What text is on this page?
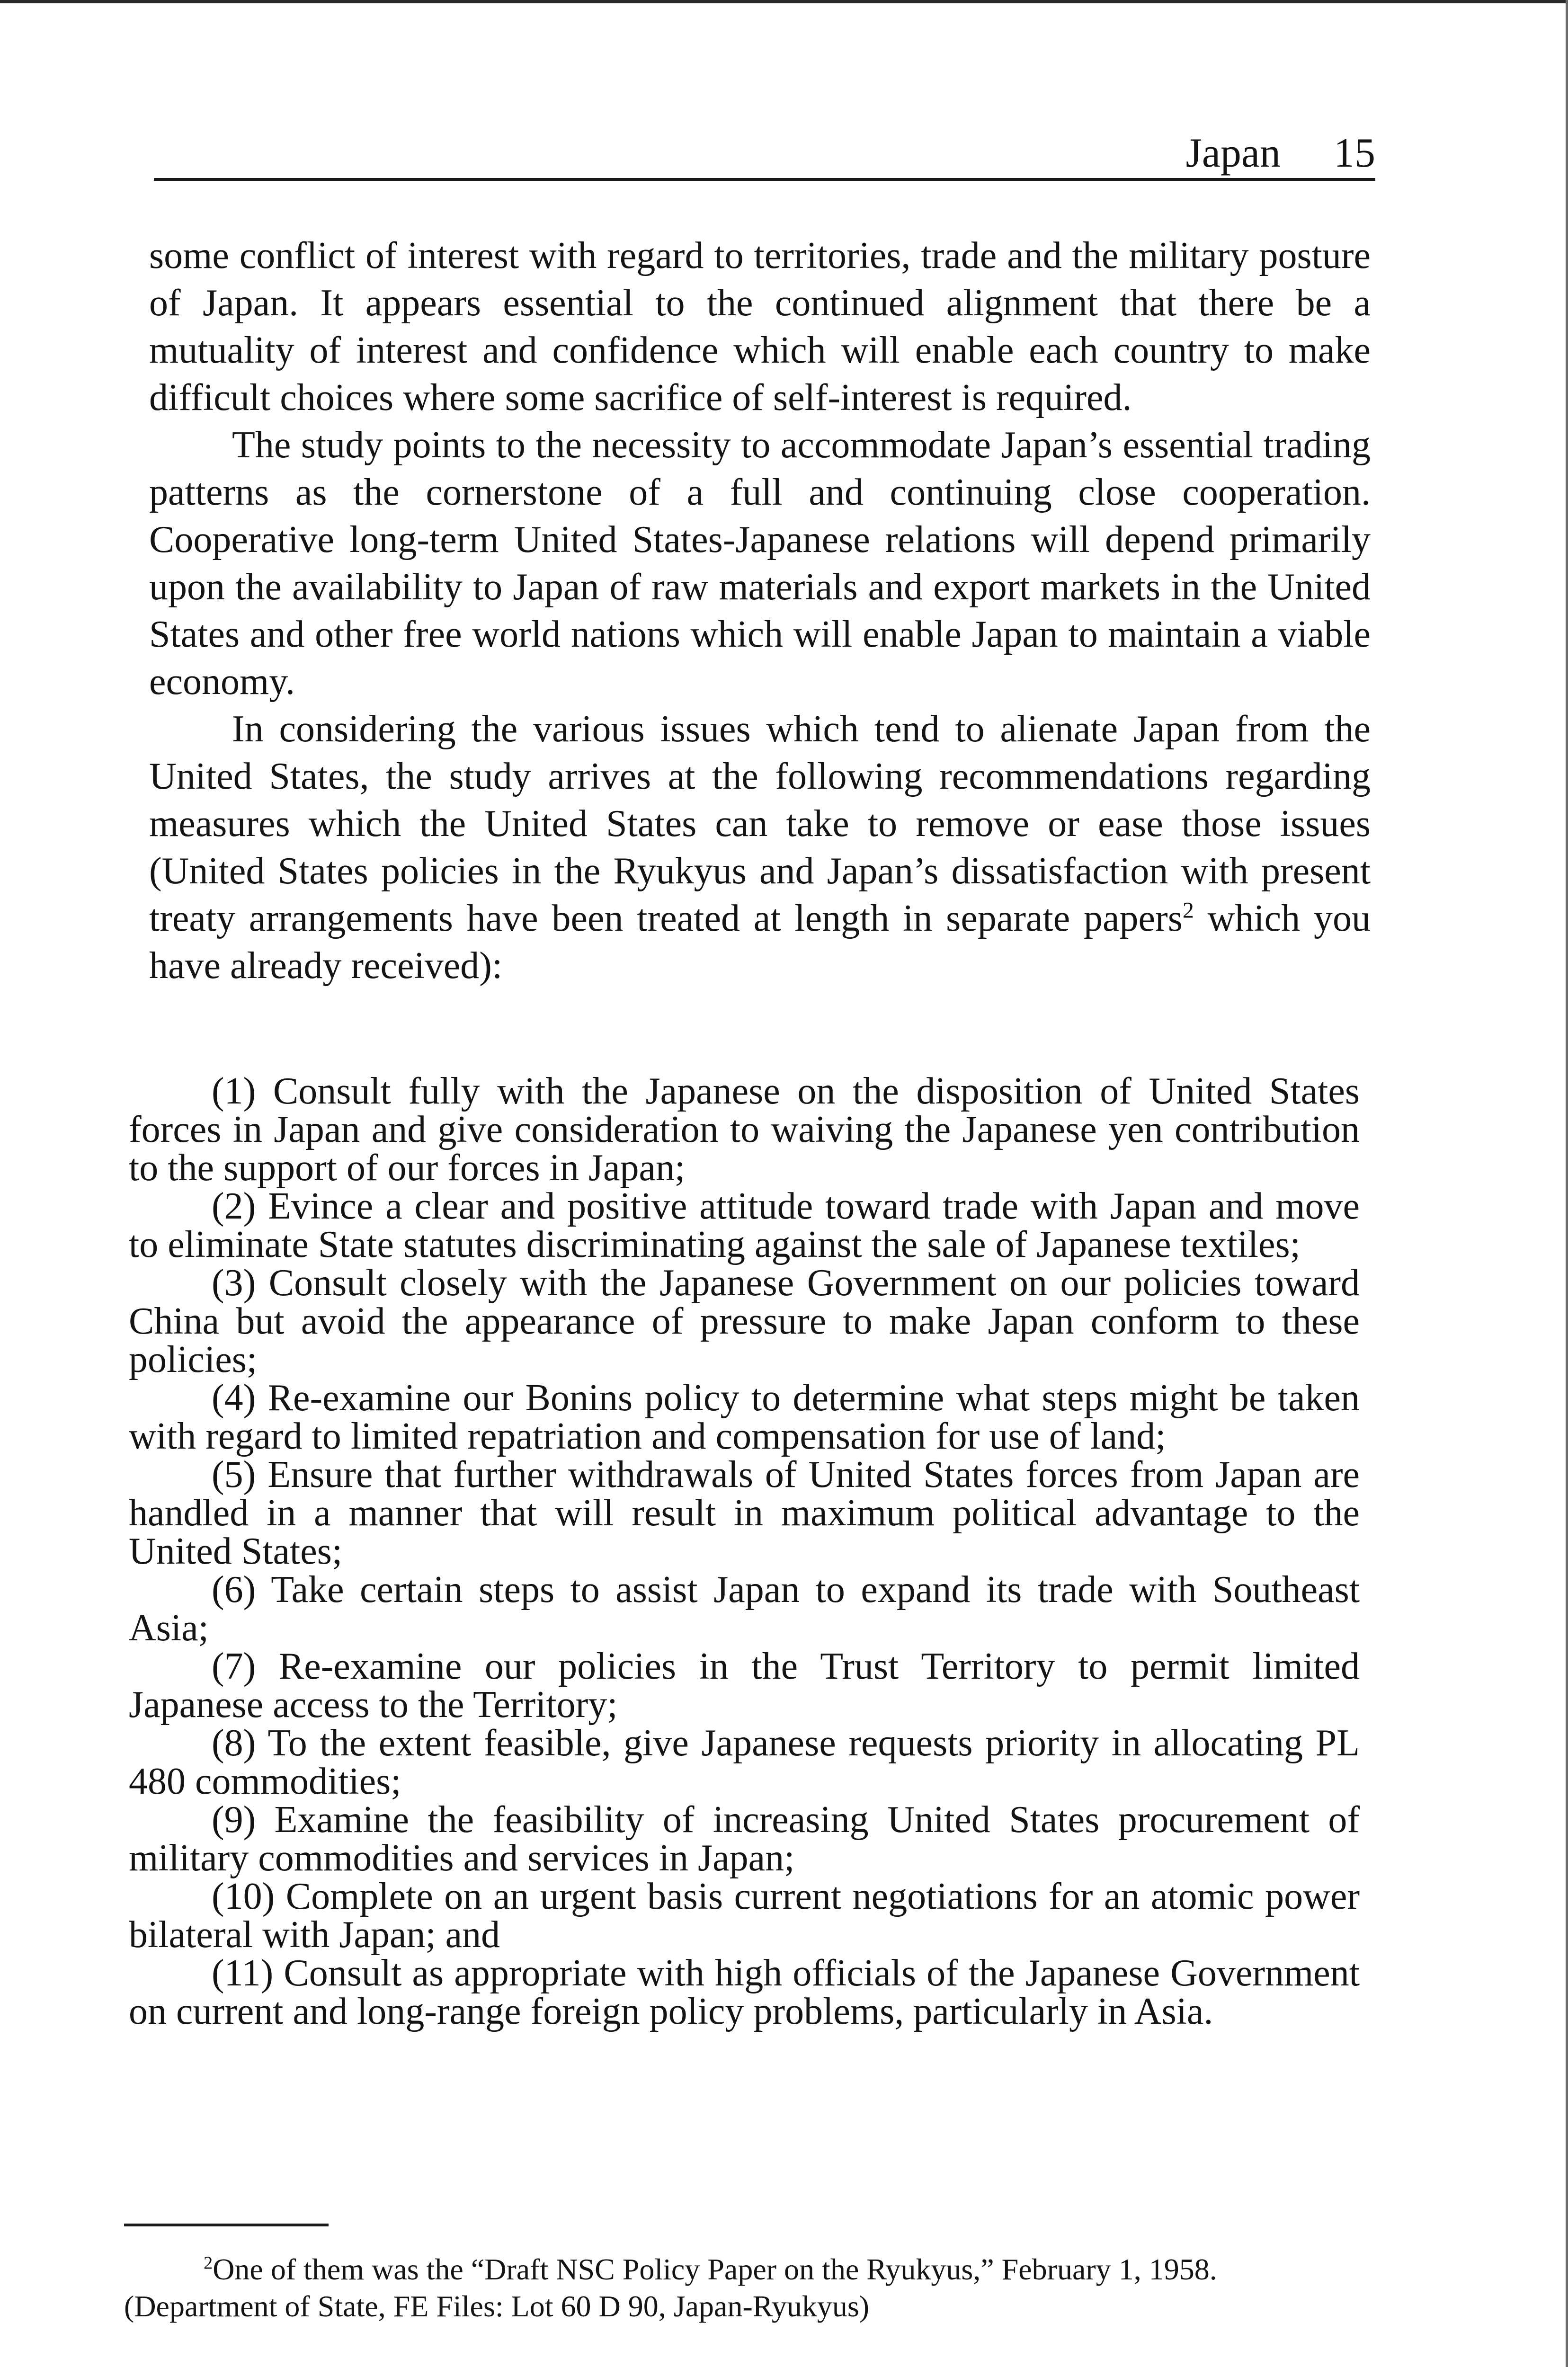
Japan 15

some conflict of interest with regard to territories, trade and the military posture of Japan. It appears essential to the continued alignment that there be a mutuality of interest and confidence which will enable each country to make difficult choices where some sacrifice of self-interest is required.

The study points to the necessity to accommodate Japan’s essential trading patterns as the cornerstone of a full and continuing close cooperation. Cooperative long-term United States-Japanese relations will depend primarily upon the availability to Japan of raw materials and export markets in the United States and other free world nations which will enable Japan to maintain a viable economy.

In considering the various issues which tend to alienate Japan from the United States, the study arrives at the following recommendations regarding measures which the United States can take to remove or ease those issues (United States policies in the Ryukyus and Japan’s dissatisfaction with present treaty arrangements have been treated at length in separate papers$^2$ which you have already received):

(1) Consult fully with the Japanese on the disposition of United States forces in Japan and give consideration to waiving the Japanese yen contribution to the support of our forces in Japan;

(2) Evince a clear and positive attitude toward trade with Japan and move to eliminate State statutes discriminating against the sale of Japanese textiles;

(3) Consult closely with the Japanese Government on our policies toward China but avoid the appearance of pressure to make Japan conform to these policies;

(4) Re-examine our Bonins policy to determine what steps might be taken with regard to limited repatriation and compensation for use of land;

(5) Ensure that further withdrawals of United States forces from Japan are handled in a manner that will result in maximum political advantage to the United States;

(6) Take certain steps to assist Japan to expand its trade with Southeast Asia;

(7) Re-examine our policies in the Trust Territory to permit limited Japanese access to the Territory;

(8) To the extent feasible, give Japanese requests priority in allocating PL 480 commodities;

(9) Examine the feasibility of increasing United States procurement of military commodities and services in Japan;

(10) Complete on an urgent basis current negotiations for an atomic power bilateral with Japan; and

(11) Consult as appropriate with high officials of the Japanese Government on current and long-range foreign policy problems, particularly in Asia.

$^2$One of them was the “Draft NSC Policy Paper on the Ryukyus,” February 1, 1958.
(Department of State, FE Files: Lot 60 D 90, Japan-Ryukyus)
